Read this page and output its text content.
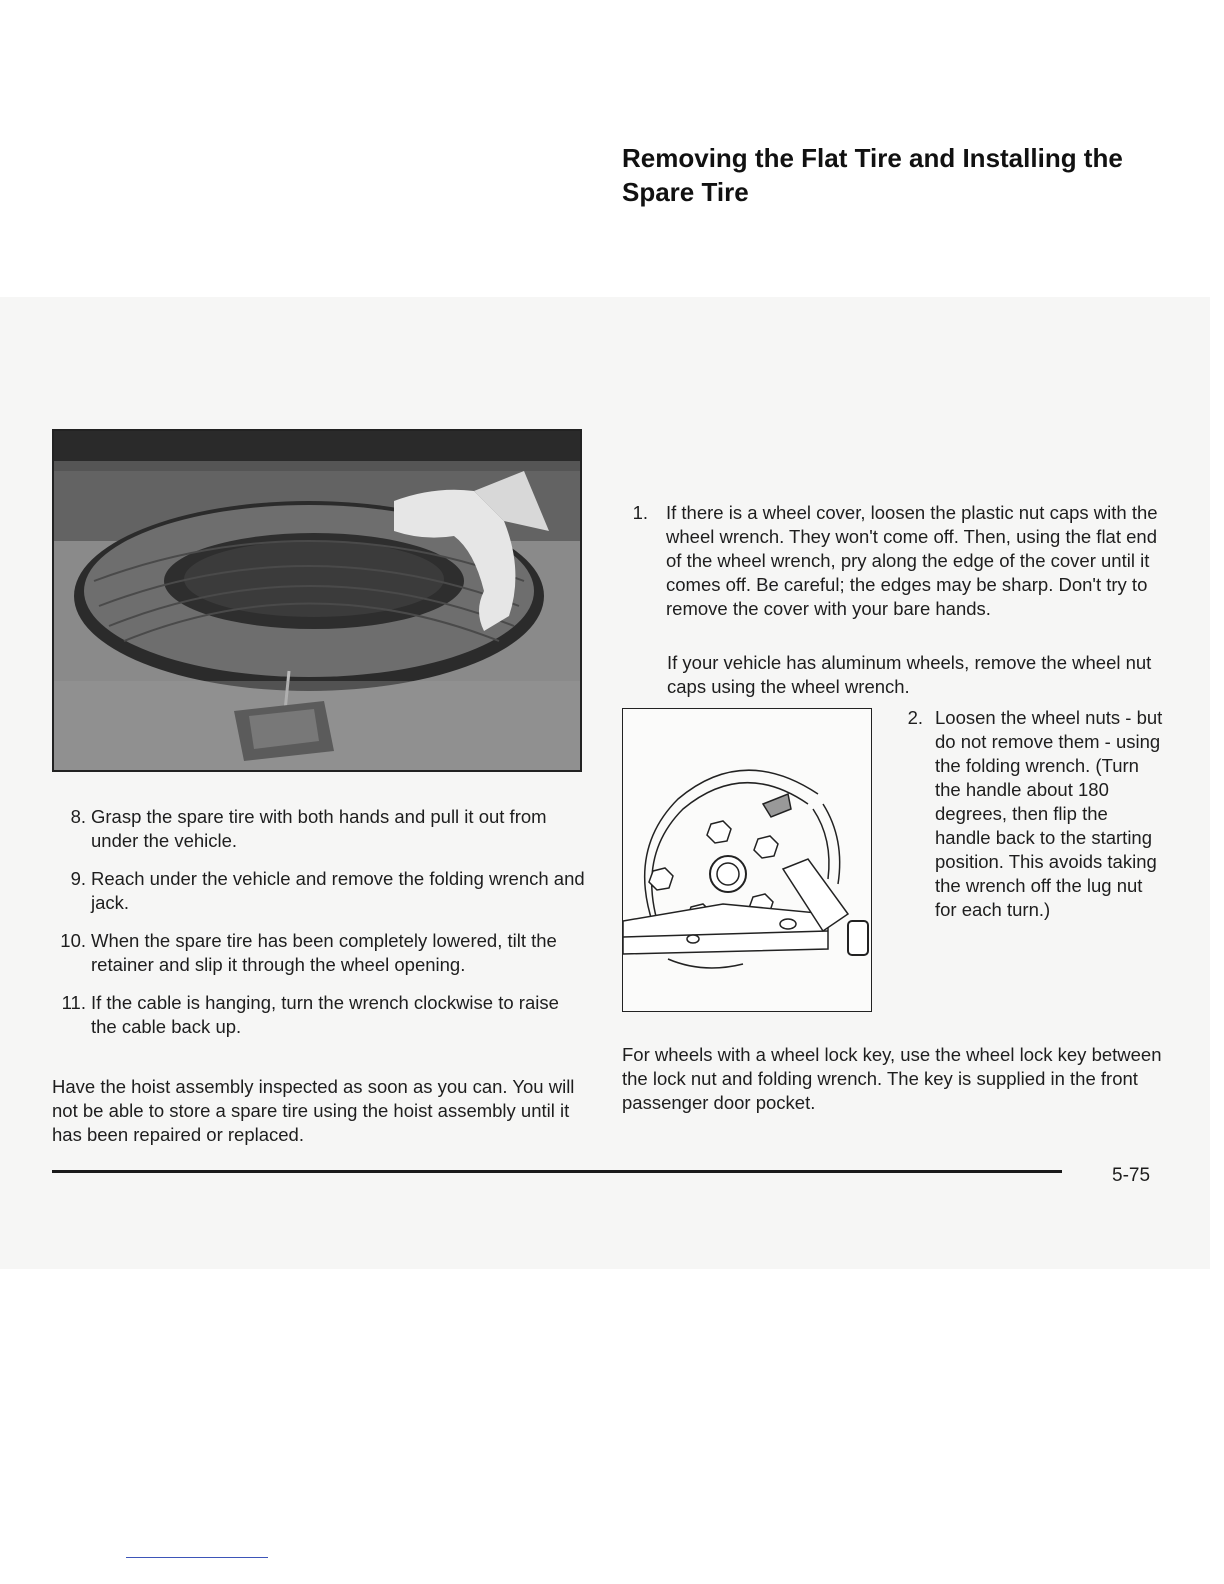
8. Grasp the spare tire with both hands and pull it out from under the vehicle.
9. Reach under the vehicle and remove the folding wrench and jack.
10. When the spare tire has been completely lowered, tilt the retainer and slip it through the wheel opening.
11. If the cable is hanging, turn the wrench clockwise to raise the cable back up.

Have the hoist assembly inspected as soon as you can. You will not be able to store a spare tire using the hoist assembly until it has been repaired or replaced.

Removing the Flat Tire and Installing the Spare Tire
1. If there is a wheel cover, loosen the plastic nut caps with the wheel wrench. They won't come off. Then, using the flat end of the wheel wrench, pry along the edge of the cover until it comes off. Be careful; the edges may be sharp. Don't try to remove the cover with your bare hands.

If your vehicle has aluminum wheels, remove the wheel nut caps using the wheel wrench.

2. Loosen the wheel nuts - but do not remove them - using the folding wrench. (Turn the handle about 180 degrees, then flip the handle back to the starting position. This avoids taking the wrench off the lug nut for each turn.)

For wheels with a wheel lock key, use the wheel lock key between the lock nut and folding wrench. The key is supplied in the front passenger door pocket.

5-75
